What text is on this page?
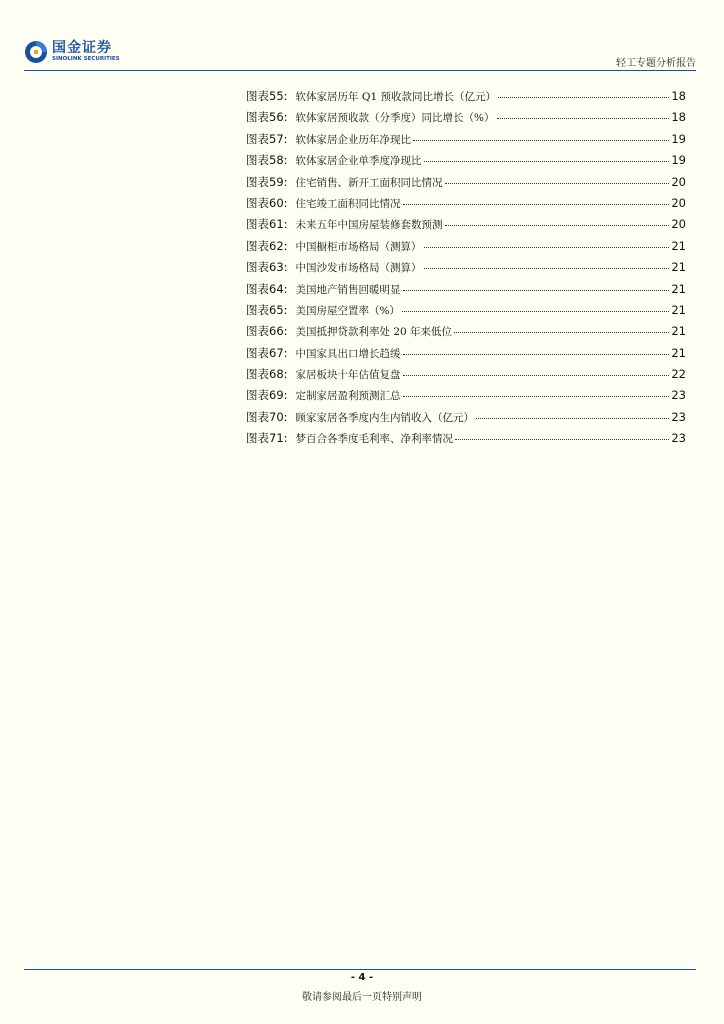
国金证券
SINOLINK SECURITIES	轻工专题分析报告
图表55: 软体家居历年 Q1 预收款同比增长（亿元）	18
图表56: 软体家居预收款（分季度）同比增长（%）	18
图表57: 软体家居企业历年净现比	19
图表58: 软体家居企业单季度净现比	19
图表59: 住宅销售、新开工面积同比情况	20
图表60: 住宅竣工面积同比情况	20
图表61: 未来五年中国房屋装修套数预测	20
图表62: 中国橱柜市场格局（测算）	21
图表63: 中国沙发市场格局（测算）	21
图表64: 美国地产销售回暖明显	21
图表65: 美国房屋空置率（%）	21
图表66: 美国抵押贷款利率处 20 年来低位	21
图表67: 中国家具出口增长趋缓	21
图表68: 家居板块十年估值复盘	22
图表69: 定制家居盈利预测汇总	23
图表70: 顾家家居各季度内生内销收入（亿元）	23
图表71: 梦百合各季度毛利率、净利率情况	23
- 4 -
敬请参阅最后一页特别声明
